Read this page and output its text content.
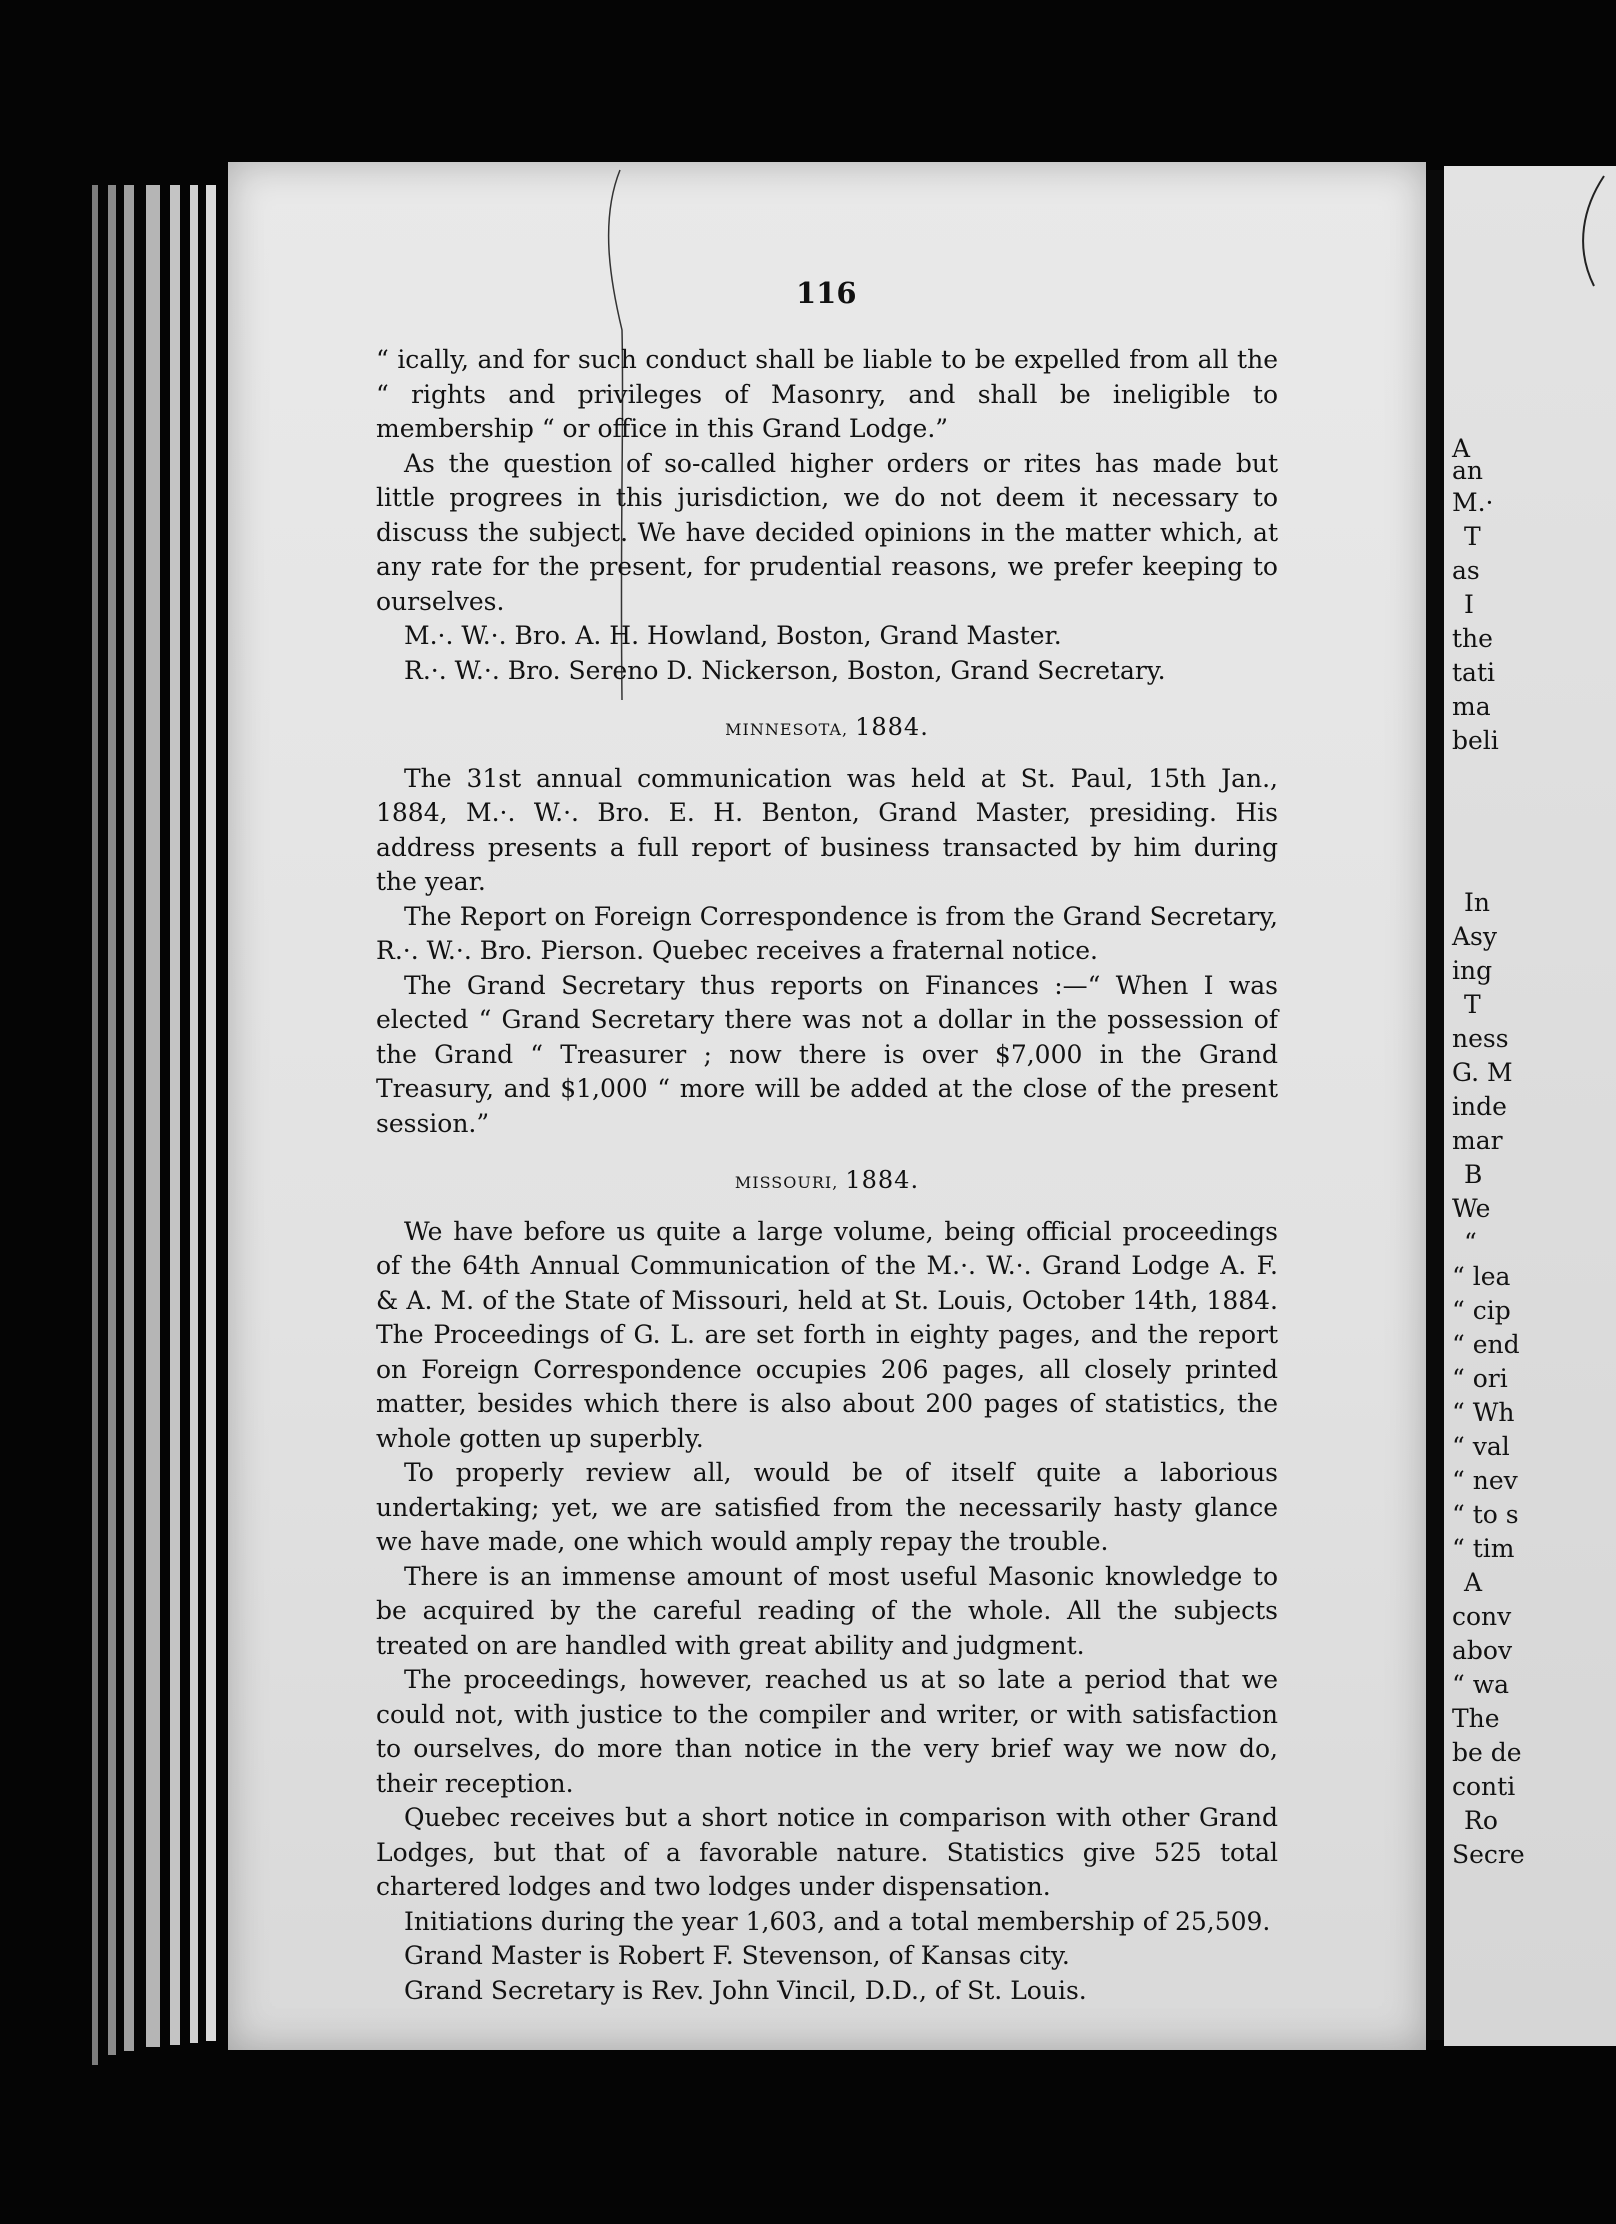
116

“ ically, and for such conduct shall be liable to be expelled from all the “ rights and privileges of Masonry, and shall be ineligible to membership “ or office in this Grand Lodge.”

As the question of so-called higher orders or rites has made but little progrees in this jurisdiction, we do not deem it necessary to discuss the subject. We have decided opinions in the matter which, at any rate for the present, for prudential reasons, we prefer keeping to ourselves.

M.·. W.·. Bro. A. H. Howland, Boston, Grand Master.

R.·. W.·. Bro. Sereno D. Nickerson, Boston, Grand Secretary.

MINNESOTA, 1884.

The 31st annual communication was held at St. Paul, 15th Jan., 1884, M.·. W.·. Bro. E. H. Benton, Grand Master, presiding. His address presents a full report of business transacted by him during the year.

The Report on Foreign Correspondence is from the Grand Secretary, R.·. W.·. Bro. Pierson. Quebec receives a fraternal notice.

The Grand Secretary thus reports on Finances :—“ When I was elected “ Grand Secretary there was not a dollar in the possession of the Grand “ Treasurer ; now there is over $7,000 in the Grand Treasury, and $1,000 “ more will be added at the close of the present session.”

MISSOURI, 1884.

We have before us quite a large volume, being official proceedings of the 64th Annual Communication of the M.·. W.·. Grand Lodge A. F. & A. M. of the State of Missouri, held at St. Louis, October 14th, 1884. The Proceedings of G. L. are set forth in eighty pages, and the report on Foreign Correspondence occupies 206 pages, all closely printed matter, besides which there is also about 200 pages of statistics, the whole gotten up superbly.

To properly review all, would be of itself quite a laborious undertaking; yet, we are satisfied from the necessarily hasty glance we have made, one which would amply repay the trouble.

There is an immense amount of most useful Masonic knowledge to be acquired by the careful reading of the whole. All the subjects treated on are handled with great ability and judgment.

The proceedings, however, reached us at so late a period that we could not, with justice to the compiler and writer, or with satisfaction to ourselves, do more than notice in the very brief way we now do, their reception.

Quebec receives but a short notice in comparison with other Grand Lodges, but that of a favorable nature. Statistics give 525 total chartered lodges and two lodges under dispensation.

Initiations during the year 1,603, and a total membership of 25,509.

Grand Master is Robert F. Stevenson, of Kansas city.

Grand Secretary is Rev. John Vincil, D.D., of St. Louis.

A
an
M.·
T
as
I
the
tati
ma
beli
In
Asy
ing
T
ness
G. M
inde
mar
B
We
“
“ lea
“ cip
“ end
“ ori
“ Wh
“ val
“ nev
“ to s
“ tim
A
conv
abov
“ wa
The
be de
conti
Ro
Secre
